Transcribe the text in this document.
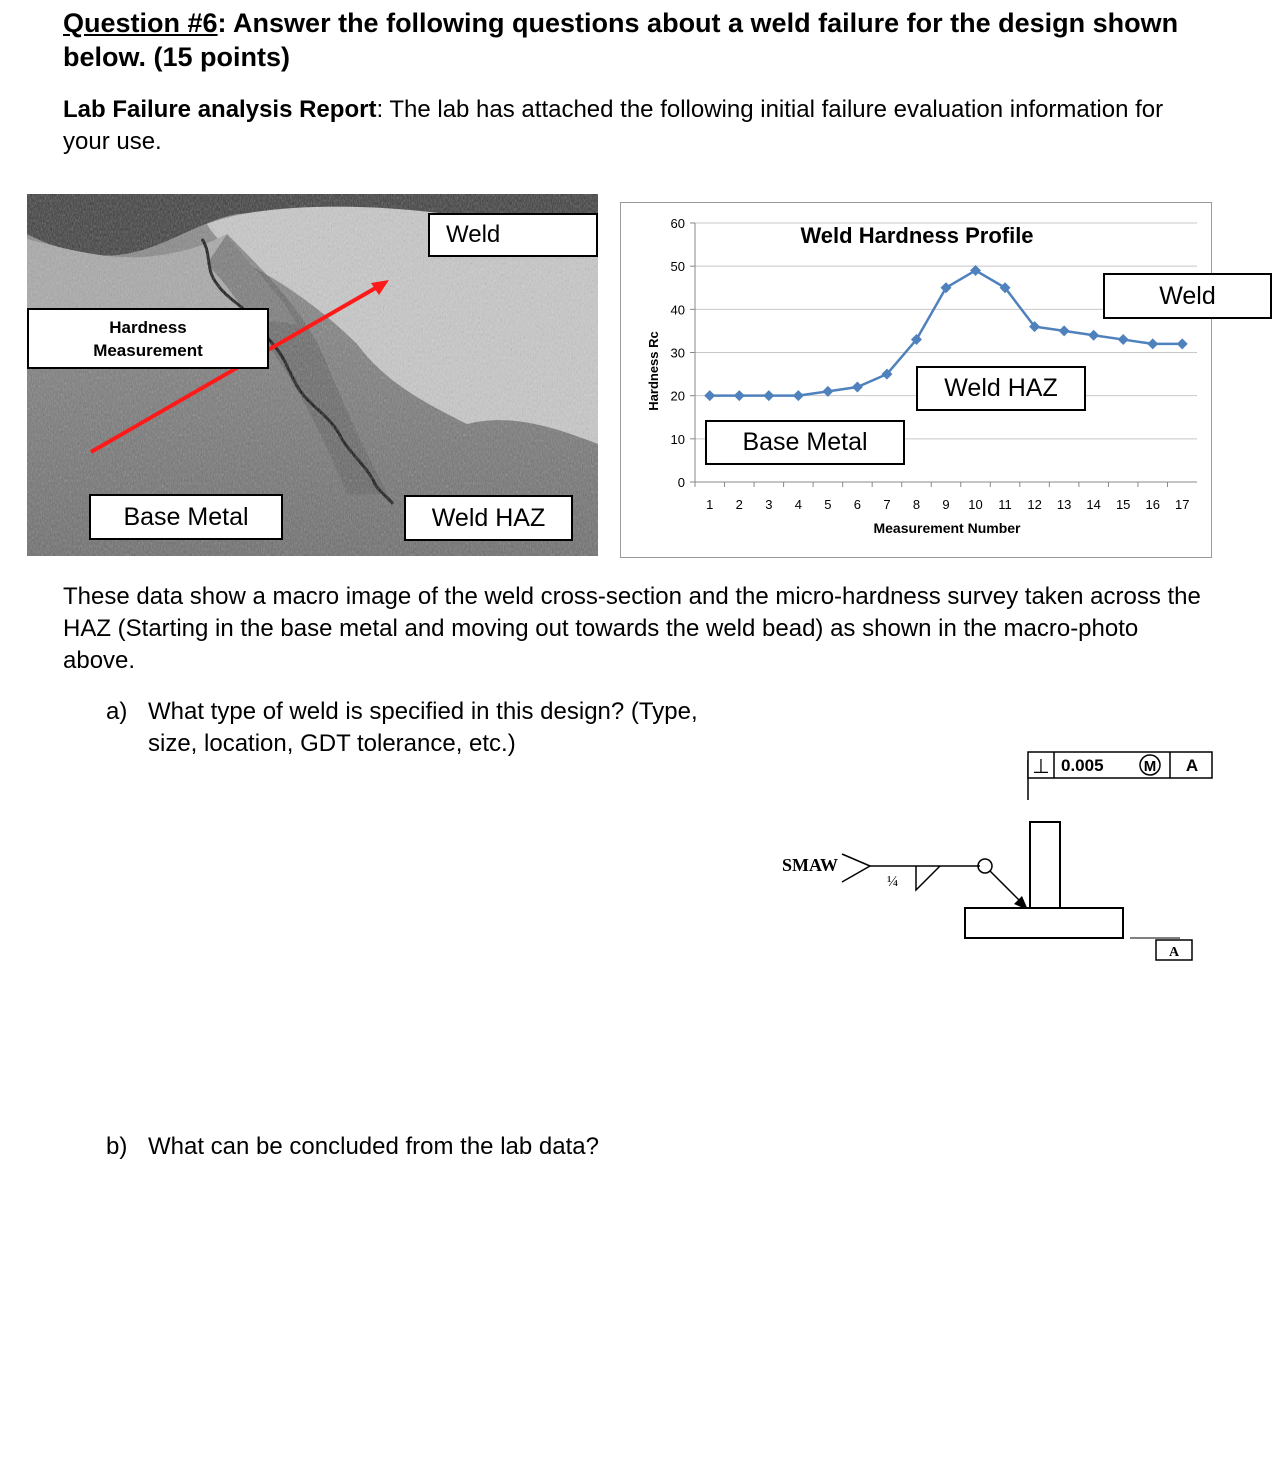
Question #6: Answer the following questions about a weld failure for the design shown below. (15 points)
Lab Failure analysis Report: The lab has attached the following initial failure evaluation information for your use.
Weld
Hardness Measurement
Base Metal	Weld HAZ
0
10
20
30
40
50
60
1 2 3 4 5 6 7 8 9 10 11 12 13 14 15 16 17
Weld Hardness Profile
Measurement Number
Hardness Rc
Weld
Weld HAZ
Base Metal
These data show a macro image of the weld cross-section and the micro-hardness survey taken across the HAZ (Starting in the base metal and moving out towards the weld bead) as shown in the macro-photo above.
a) What type of weld is specified in this design? (Type, size, location, GDT tolerance, etc.)
b) What can be concluded from the lab data?
⊥ 0.005	M A
SMAW
¼
A
